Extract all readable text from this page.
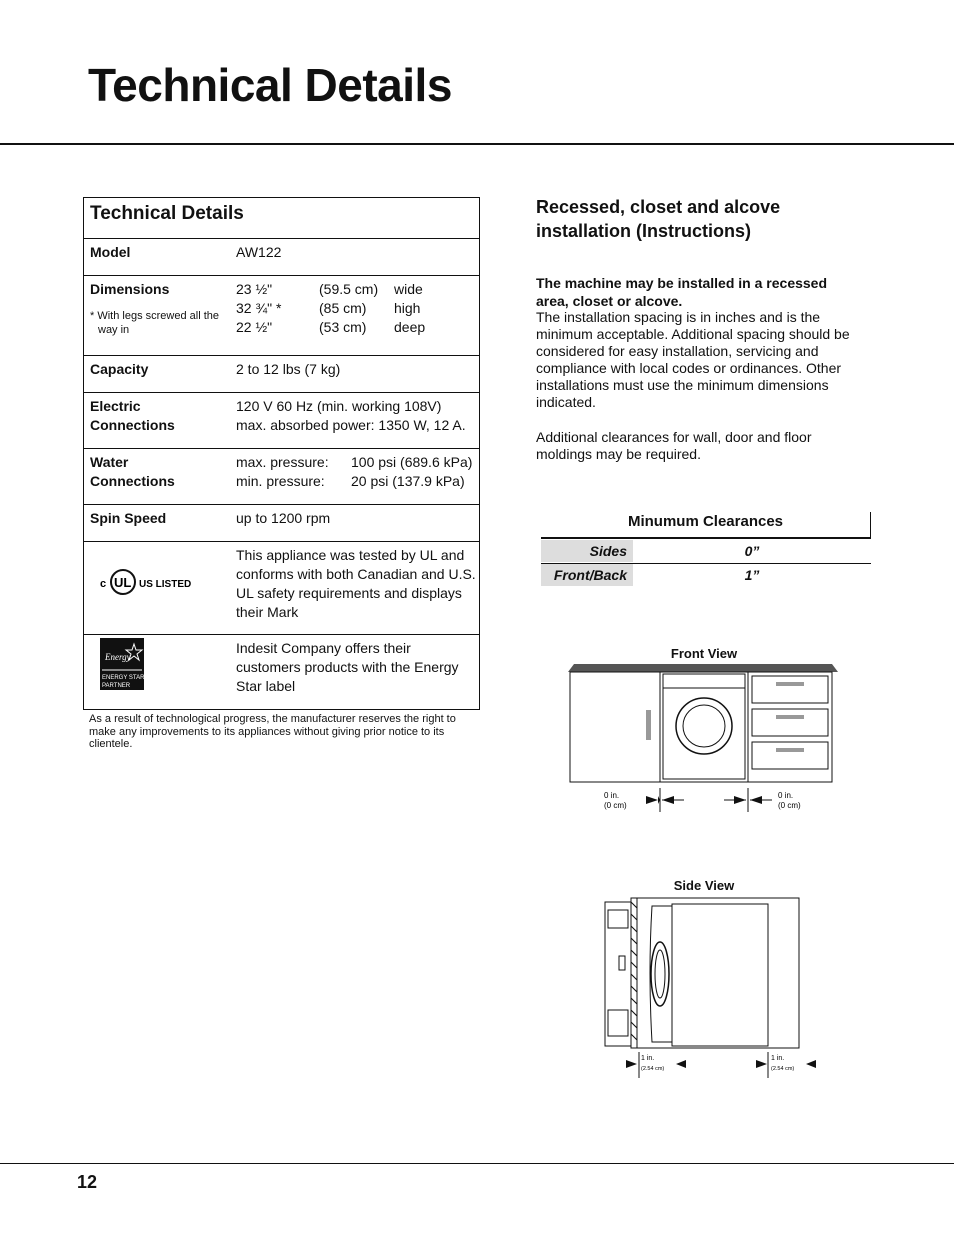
Technical Details
Technical Details
Model	AW122
Dimensions
* With legs screwed all the way in
23 ½"	(59.5 cm)	wide
32 ¾" *	(85 cm)	high
22 ½"	(53 cm)	deep
Capacity	2 to 12 lbs (7 kg)
Electric Connections
120 V 60 Hz (min. working 108V)
max. absorbed power: 1350 W, 12 A.
Water Connections
max. pressure:	100 psi (689.6 kPa)
min. pressure:	20 psi (137.9 kPa)
Spin Speed	up to 1200 rpm
c UL US LISTED
This appliance was tested by UL and conforms with both Canadian and U.S. UL safety requirements and displays their Mark
Energy
ENERGY STAR
PARTNER
Indesit Company offers their customers products with the Energy Star label
As a result of technological progress, the manufacturer reserves the right to make any improvements to its appliances without giving prior notice to its clientele.
Recessed, closet and alcove installation (Instructions)
The machine may be installed in a recessed area, closet or alcove.
The installation spacing is in inches and is the minimum acceptable. Additional spacing should be considered for easy installation, servicing and compliance with local codes or ordinances. Other installations must use the minimum dimensions indicated.
Additional clearances for wall, door and floor moldings may be required.
Minumum Clearances
Sides	0”
Front/Back	1”
Front View
0 in.
(0 cm)
0 in.
(0 cm)
Side View
1 in.
(2.54 cm)
1 in.
(2.54 cm)
12
